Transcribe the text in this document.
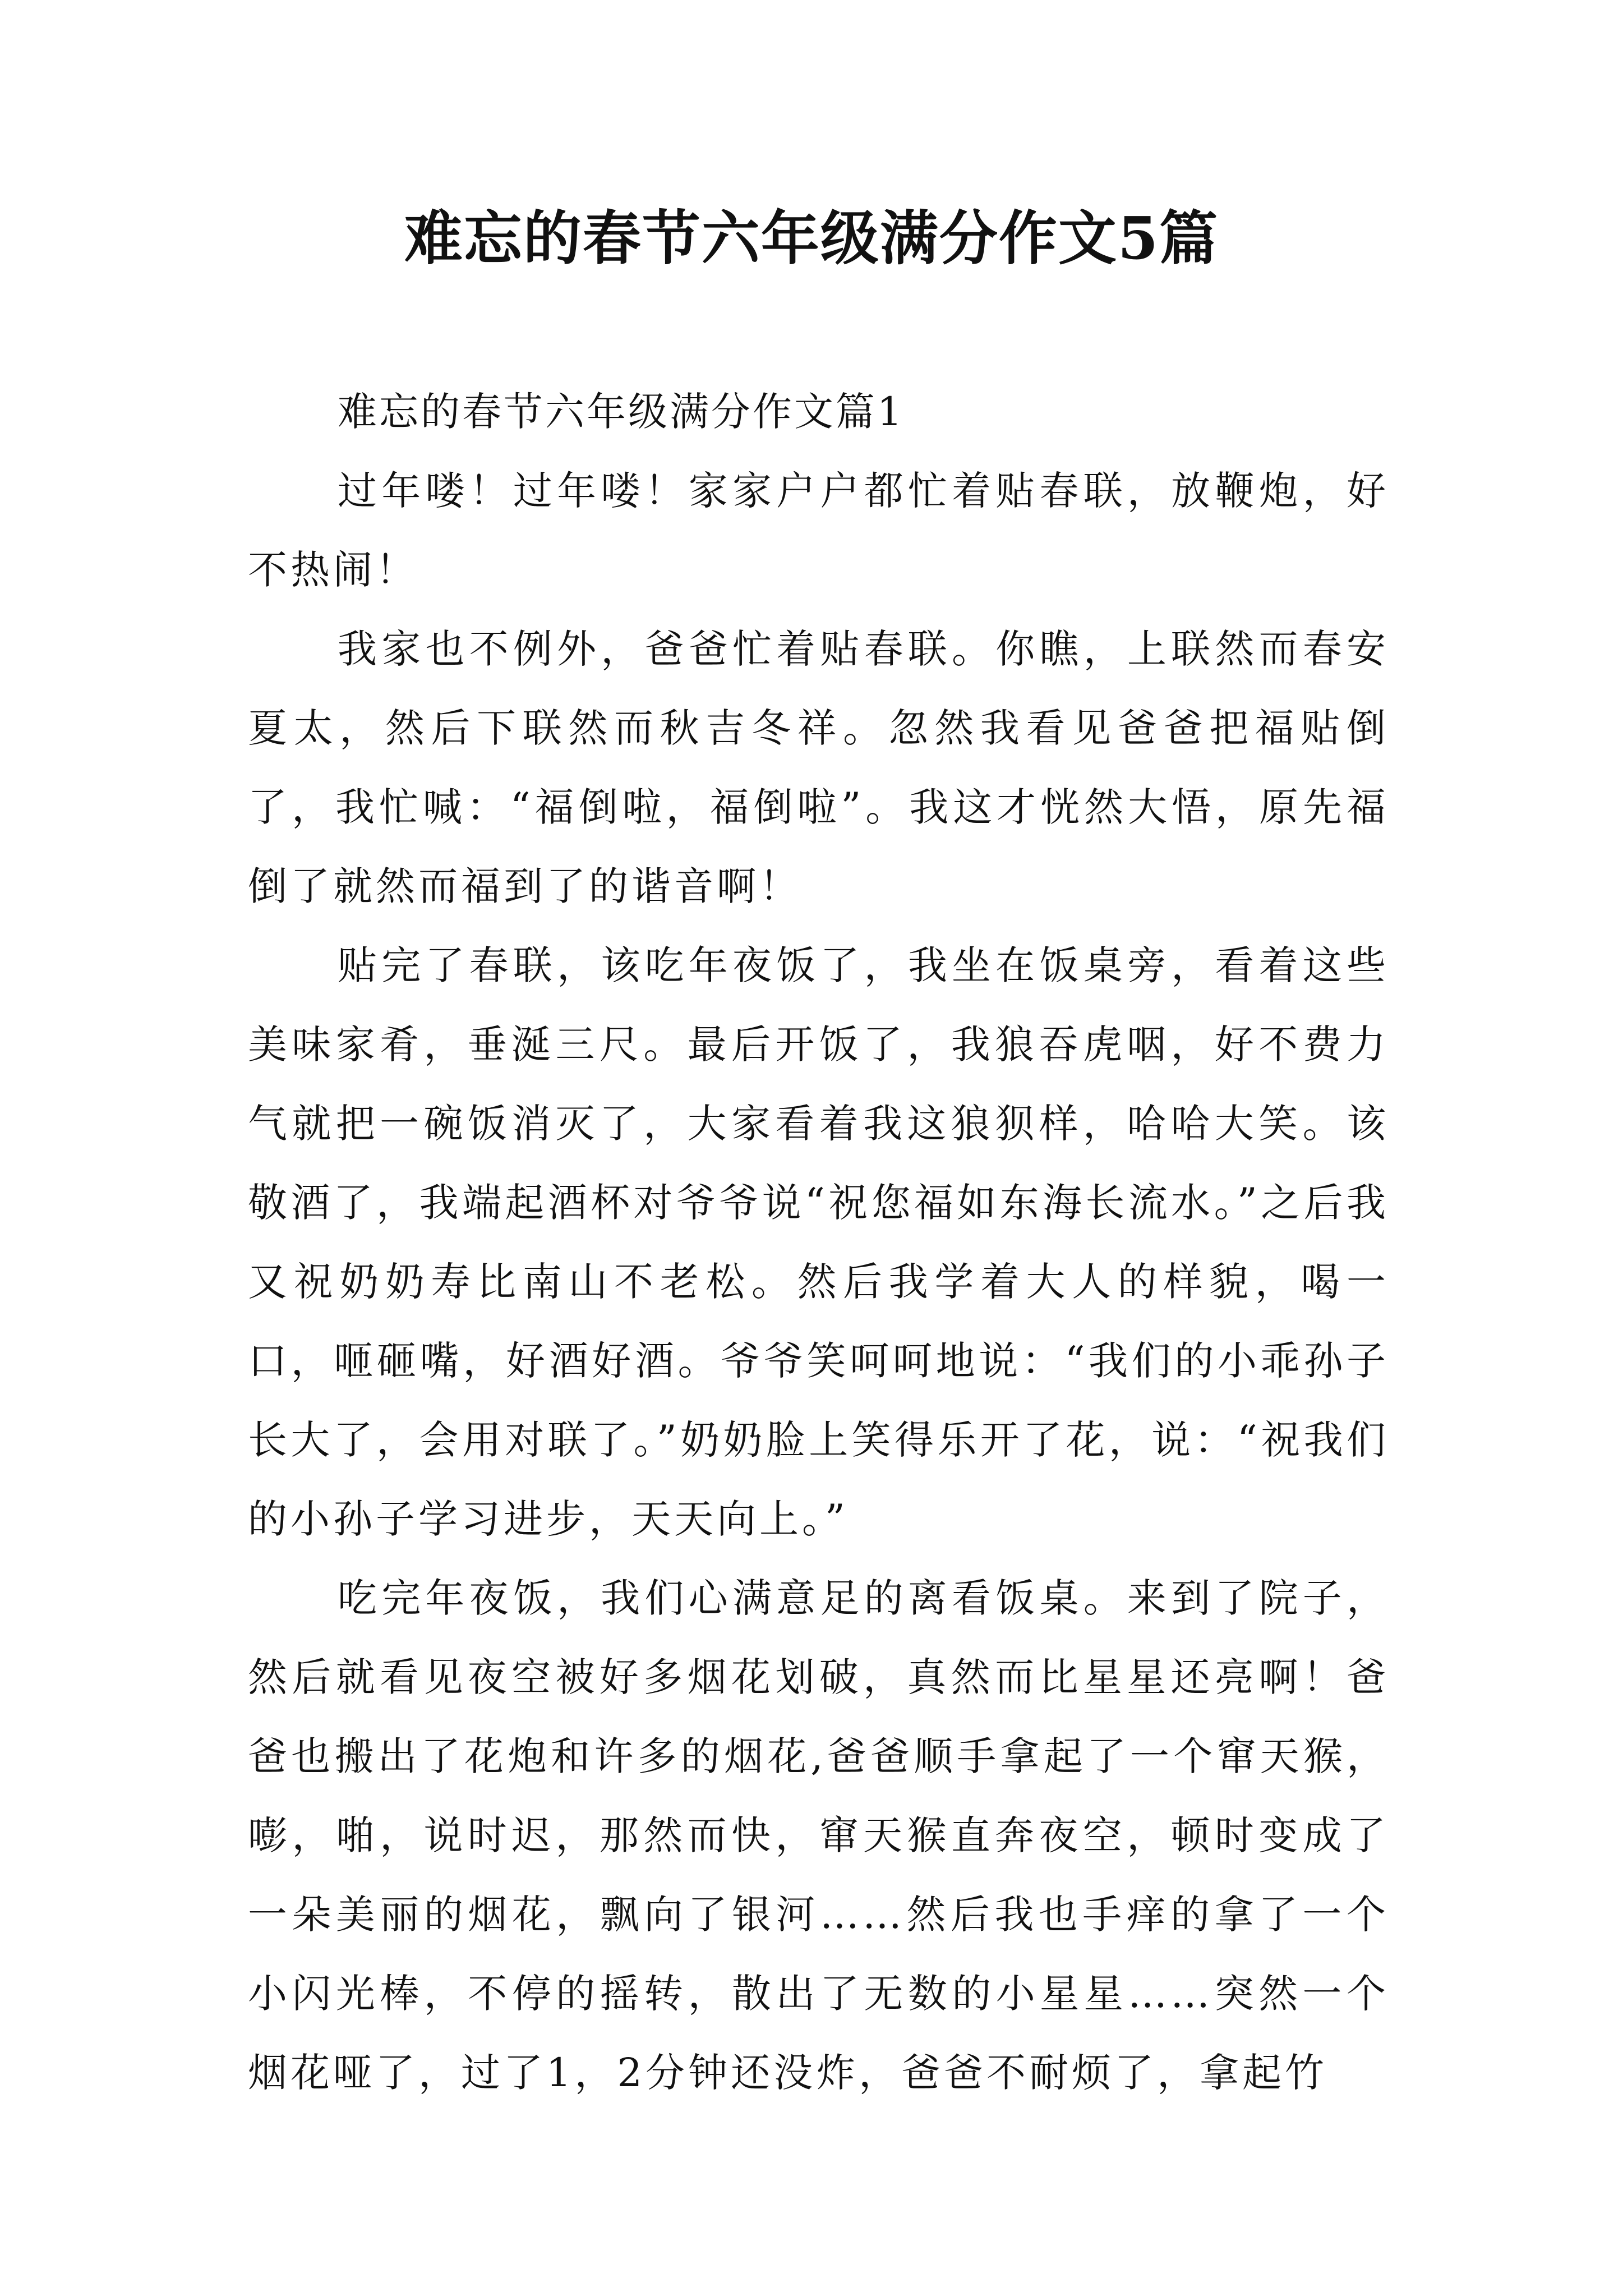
难忘的春节六年级满分作文5篇

难忘的春节六年级满分作文篇1

过年喽！过年喽！家家户户都忙着贴春联，放鞭炮，好不热闹！

我家也不例外，爸爸忙着贴春联。你瞧，上联然而春安夏太，然后下联然而秋吉冬祥。忽然我看见爸爸把福贴倒了，我忙喊：“福倒啦，福倒啦”。我这才恍然大悟，原先福倒了就然而福到了的谐音啊！

贴完了春联，该吃年夜饭了，我坐在饭桌旁，看着这些美味家肴，垂涎三尺。最后开饭了，我狼吞虎咽，好不费力气就把一碗饭消灭了，大家看着我这狼狈样，哈哈大笑。该敬酒了，我端起酒杯对爷爷说“祝您福如东海长流水。”之后我又祝奶奶寿比南山不老松。然后我学着大人的样貌，喝一口，咂砸嘴，好酒好酒。爷爷笑呵呵地说：“我们的小乖孙子长大了，会用对联了。”奶奶脸上笑得乐开了花，说：“祝我们的小孙子学习进步，天天向上。”

吃完年夜饭，我们心满意足的离看饭桌。来到了院子，然后就看见夜空被好多烟花划破，真然而比星星还亮啊！爸爸也搬出了花炮和许多的烟花,爸爸顺手拿起了一个窜天猴，嘭，啪，说时迟，那然而快，窜天猴直奔夜空，顿时变成了一朵美丽的烟花，飘向了银河……然后我也手痒的拿了一个小闪光棒，不停的摇转，散出了无数的小星星……突然一个烟花哑了，过了1，2分钟还没炸，爸爸不耐烦了，拿起竹
